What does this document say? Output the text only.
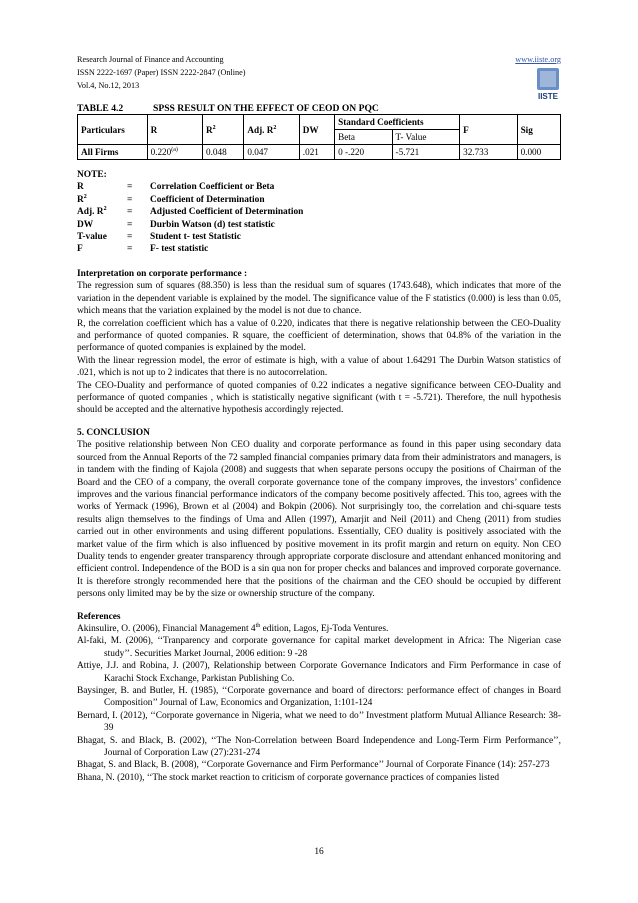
Research Journal of Finance and Accounting
ISSN 2222-1697 (Paper) ISSN 2222-2847 (Online)
Vol.4, No.12, 2013
www.iiste.org
IISTE
TABLE 4.2	SPSS RESULT ON THE EFFECT OF CEOD ON PQC
Particulars	R	$R^2$	Adj. $R^2$	DW	Standard Coefficients		F	Sig
					Beta	T- Value		
All Firms	0.220$^{(a)}$	0.048	0.047	.021	0 -.220	-5.721	32.733	0.000
NOTE:
R	=	Correlation Coefficient or Beta
$R^2$	=	Coefficient of Determination
Adj. $R^2$	=	Adjusted Coefficient of Determination
DW	=	Durbin Watson (d) test statistic
T-value	=	Student t- test Statistic
F	=	F- test statistic
Interpretation on corporate performance :

The regression sum of squares (88.350) is less than the residual sum of squares (1743.648), which indicates that more of the variation in the dependent variable is explained by the model. The significance value of the F statistics (0.000) is less than 0.05, which means that the variation explained by the model is not due to chance.

R, the correlation coefficient which has a value of 0.220, indicates that there is negative relationship between the CEO-Duality and performance of quoted companies. R square, the coefficient of determination, shows that 04.8% of the variation in the performance of quoted companies is explained by the model.

With the linear regression model, the error of estimate is high, with a value of about 1.64291 The Durbin Watson statistics of .021, which is not up to 2 indicates that there is no autocorrelation.

The CEO-Duality and performance of quoted companies of 0.22 indicates a negative significance between CEO-Duality and performance of quoted companies , which is statistically negative significant (with t = -5.721). Therefore, the null hypothesis should be accepted and the alternative hypothesis accordingly rejected.

5. CONCLUSION

The positive relationship between Non CEO duality and corporate performance as found in this paper using secondary data sourced from the Annual Reports of the 72 sampled financial companies primary data from their administrators and managers, is in tandem with the finding of Kajola (2008) and suggests that when separate persons occupy the positions of Chairman of the Board and the CEO of a company, the overall corporate governance tone of the company improves, the investors’ confidence improves and the various financial performance indicators of the company become positively affected. This too, agrees with the works of Yermack (1996), Brown et al (2004) and Bokpin (2006). Not surprisingly too, the correlation and chi-square tests results align themselves to the findings of Uma and Allen (1997), Amarjit and Neil (2011) and Cheng (2011) from studies carried out in other environments and using different populations. Essentially, CEO duality is positively associated with the market value of the firm which is also influenced by positive movement in its profit margin and return on equity. Non CEO Duality tends to engender greater transparency through appropriate corporate disclosure and attendant enhanced monitoring and efficient control. Independence of the BOD is a sin qua non for proper checks and balances and improved corporate governance. It is therefore strongly recommended here that the positions of the chairman and the CEO should be occupied by different persons only limited may be by the size or ownership structure of the company.

References

Akinsulire, O. (2006), Financial Management 4th edition, Lagos, Ej-Toda Ventures.

Al-faki, M. (2006), ‘‘Tranparency and corporate governance for capital market development in Africa: The Nigerian case study’’. Securities Market Journal, 2006 edition: 9 -28

Attiye, J.J. and Robina, J. (2007), Relationship between Corporate Governance Indicators and Firm Performance in case of Karachi Stock Exchange, Parkistan Publishing Co.

Baysinger, B. and Butler, H. (1985), ‘‘Corporate governance and board of directors: performance effect of changes in Board Composition’’ Journal of Law, Economics and Organization, 1:101-124

Bernard, I. (2012), ‘‘Corporate governance in Nigeria, what we need to do’’ Investment platform Mutual Alliance Research: 38-39

Bhagat, S. and Black, B. (2002), ‘‘The Non-Correlation between Board Independence and Long-Term Firm Performance’’, Journal of Corporation Law (27):231-274

Bhagat, S. and Black, B. (2008), ‘‘Corporate Governance and Firm Performance’’ Journal of Corporate Finance (14): 257-273

Bhana, N. (2010), ‘‘The stock market reaction to criticism of corporate governance practices of companies listed

16
